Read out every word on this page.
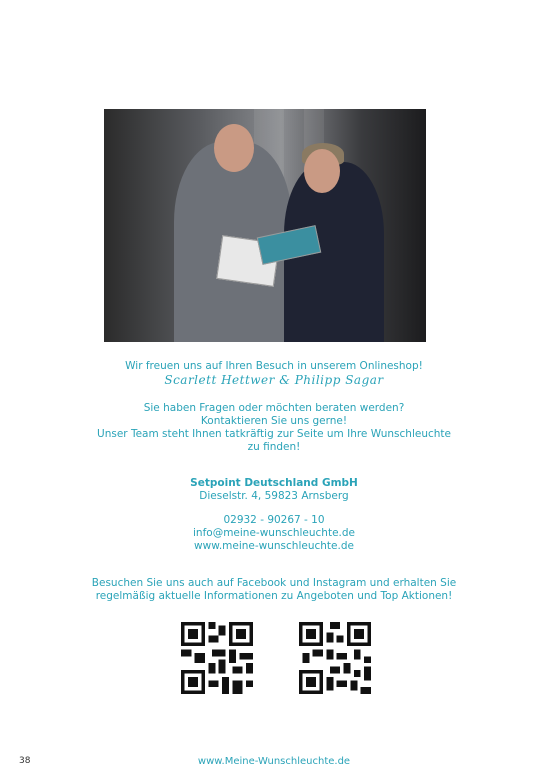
Wir freuen uns auf Ihren Besuch in unserem Onlineshop!
Scarlett Hettwer & Philipp Sagar
Sie haben Fragen oder möchten beraten werden?
Kontaktieren Sie uns gerne!
Unser Team steht Ihnen tatkräftig zur Seite um Ihre Wunschleuchte
zu finden!
Setpoint Deutschland GmbH
Dieselstr. 4, 59823 Arnsberg
02932 - 90267 - 10
info@meine-wunschleuchte.de
www.meine-wunschleuchte.de
Besuchen Sie uns auch auf Facebook und Instagram und erhalten Sie
regelmäßig aktuelle Informationen zu Angeboten und Top Aktionen!
38	www.Meine-Wunschleuchte.de
